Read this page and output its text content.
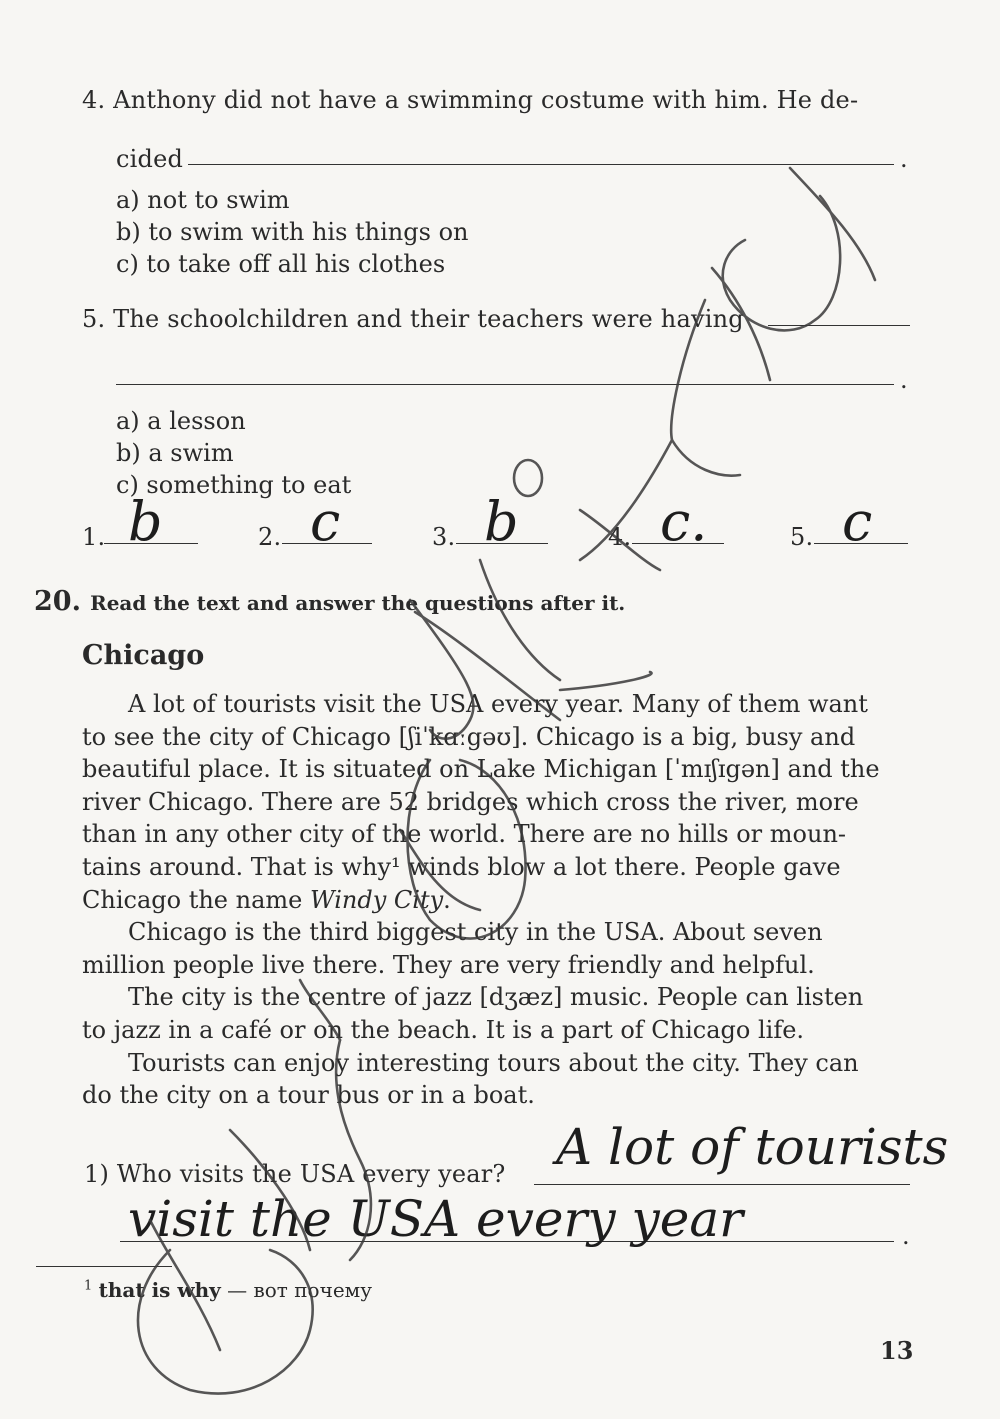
4. Anthony did not have a swimming costume with him. He de-
cided	.
a) not to swim
b) to swim with his things on
c) to take off all his clothes
5. The schoolchildren and their teachers were having
.
a) a lesson
b) a swim
c) something to eat
1. b	2. c	3. b	4. c.	5. c
20. Read the text and answer the questions after it.
Chicago
A lot of tourists visit the USA every year. Many of them want
to see the city of Chicago [ʃiˈkɑːgəʊ]. Chicago is a big, busy and
beautiful place. It is situated on Lake Michigan [ˈmɪʃɪgən] and the
river Chicago. There are 52 bridges which cross the river, more
than in any other city of the world. There are no hills or moun-
tains around. That is why¹ winds blow a lot there. People gave
Chicago the name Windy City.
Chicago is the third biggest city in the USA. About seven
million people live there. They are very friendly and helpful.
The city is the centre of jazz [dʒæz] music. People can listen
to jazz in a café or on the beach. It is a part of Chicago life.
Tourists can enjoy interesting tours about the city. They can
do the city on a tour bus or in a boat.
1) Who visits the USA every year? A lot of tourists
visit the USA every year	.
$^1$ that is why — вот почему
13
